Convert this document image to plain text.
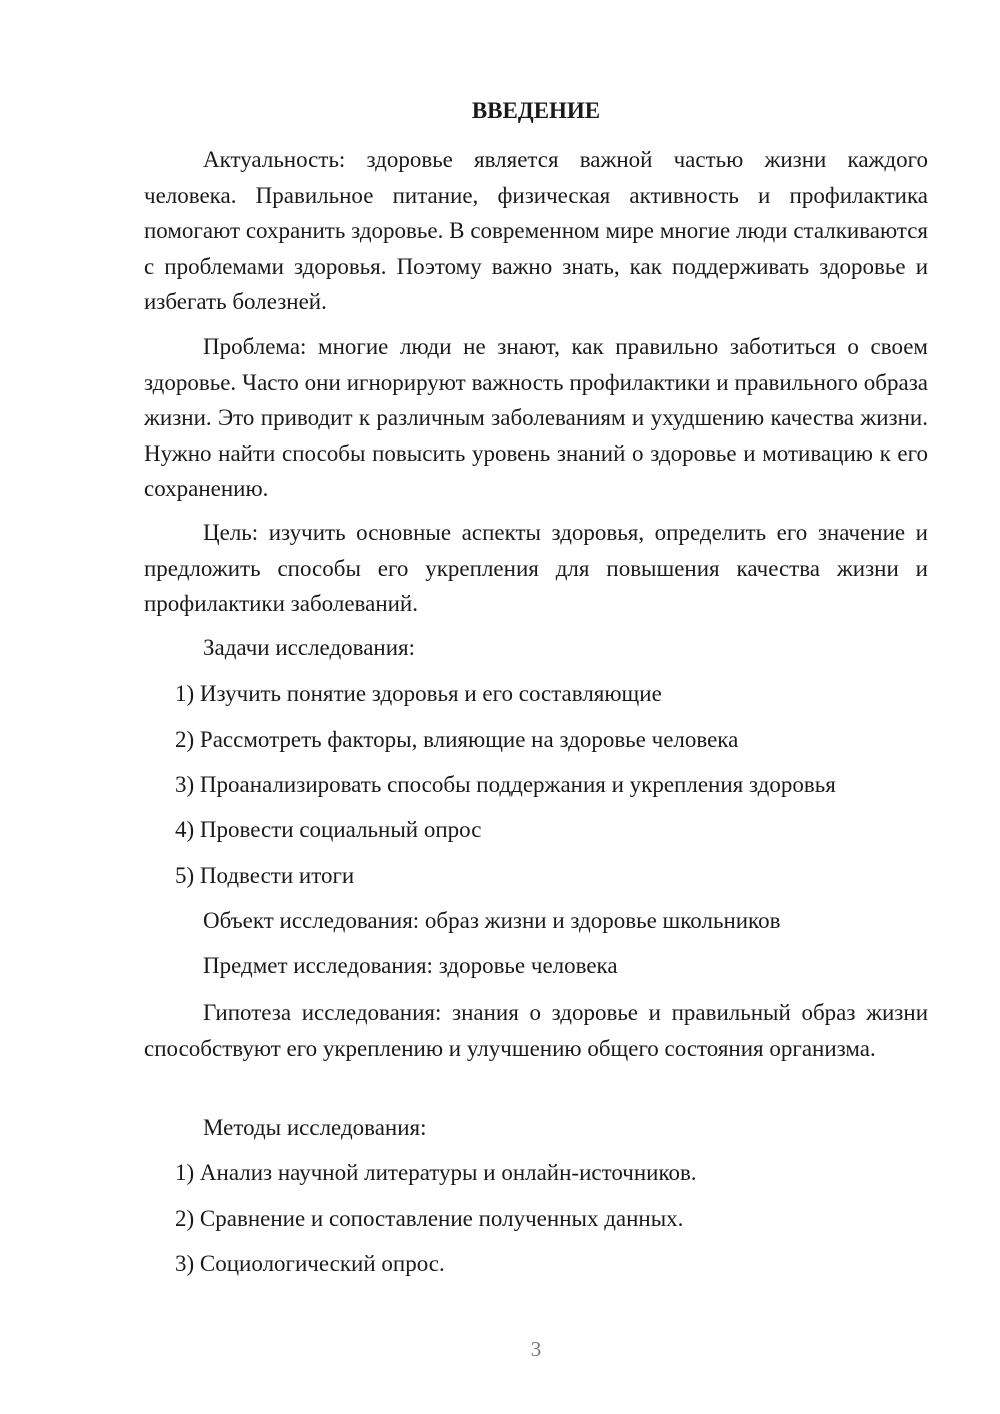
ВВЕДЕНИЕ

Актуальность: здоровье является важной частью жизни каждого человека. Правильное питание, физическая активность и профилактика помогают сохранить здоровье. В современном мире многие люди сталкиваются с проблемами здоровья. Поэтому важно знать, как поддерживать здоровье и избегать болезней.

Проблема: многие люди не знают, как правильно заботиться о своем здоровье. Часто они игнорируют важность профилактики и правильного образа жизни. Это приводит к различным заболеваниям и ухудшению качества жизни. Нужно найти способы повысить уровень знаний о здоровье и мотивацию к его сохранению.

Цель: изучить основные аспекты здоровья, определить его значение и предложить способы его укрепления для повышения качества жизни и профилактики заболеваний.

Задачи исследования:
1) Изучить понятие здоровья и его составляющие
2) Рассмотреть факторы, влияющие на здоровье человека
3) Проанализировать способы поддержания и укрепления здоровья
4) Провести социальный опрос
5) Подвести итоги
Объект исследования: образ жизни и здоровье школьников
Предмет исследования: здоровье человека

Гипотеза исследования: знания о здоровье и правильный образ жизни способствуют его укреплению и улучшению общего состояния организма.

Методы исследования:
1) Анализ научной литературы и онлайн-источников.
2) Сравнение и сопоставление полученных данных.
3) Социологический опрос.
3
